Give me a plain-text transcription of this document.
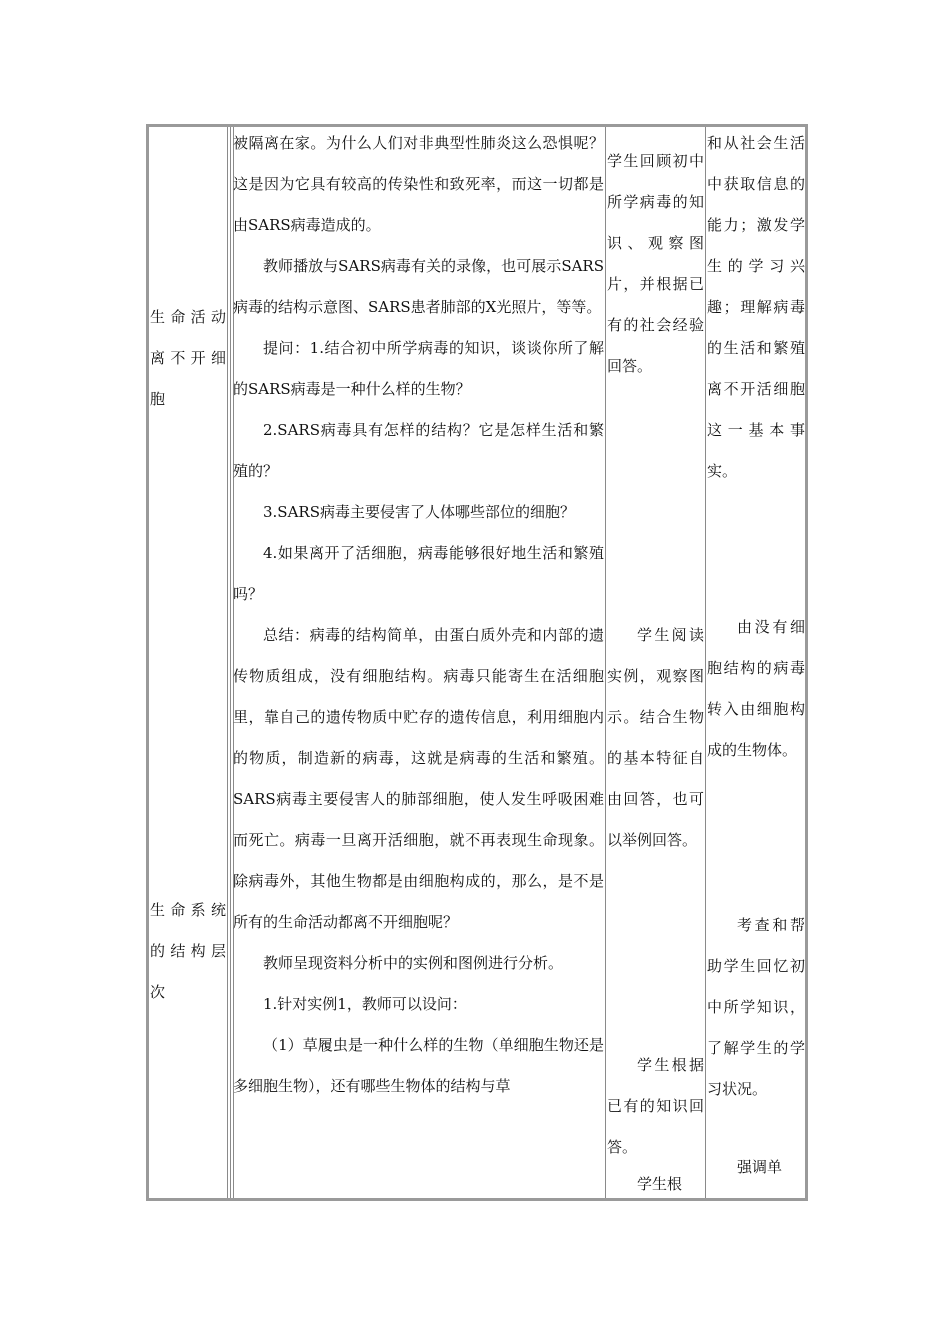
生命活动

离不开细

胞

生命系统

的结构层

次

被隔离在家。为什么人们对非典型性肺炎这么恐惧呢？这是因为它具有较高的传染性和致死率，而这一切都是由SARS病毒造成的。

教师播放与SARS病毒有关的录像，也可展示SARS病毒的结构示意图、SARS患者肺部的X光照片，等等。

提问：1.结合初中所学病毒的知识，谈谈你所了解的SARS病毒是一种什么样的生物？

2.SARS病毒具有怎样的结构？它是怎样生活和繁殖的？

3.SARS病毒主要侵害了人体哪些部位的细胞？

4.如果离开了活细胞，病毒能够很好地生活和繁殖吗？

总结：病毒的结构简单，由蛋白质外壳和内部的遗传物质组成，没有细胞结构。病毒只能寄生在活细胞里，靠自己的遗传物质中贮存的遗传信息，利用细胞内的物质，制造新的病毒，这就是病毒的生活和繁殖。SARS病毒主要侵害人的肺部细胞，使人发生呼吸困难而死亡。病毒一旦离开活细胞，就不再表现生命现象。除病毒外，其他生物都是由细胞构成的，那么，是不是所有的生命活动都离不开细胞呢？

教师呈现资料分析中的实例和图例进行分析。

1.针对实例1，教师可以设问：

（1）草履虫是一种什么样的生物（单细胞生物还是多细胞生物），还有哪些生物体的结构与草

学生回顾初中所学病毒的知识、观察图片，并根据已有的社会经验回答。

学生阅读实例，观察图示。结合生物的基本特征自由回答，也可以举例回答。

学生根据已有的知识回答。

学生根

和从社会生活中获取信息的能力；激发学生的学习兴趣；理解病毒的生活和繁殖离不开活细胞这一基本事实。

由没有细胞结构的病毒转入由细胞构成的生物体。

考查和帮助学生回忆初中所学知识，了解学生的学习状况。

强调单
